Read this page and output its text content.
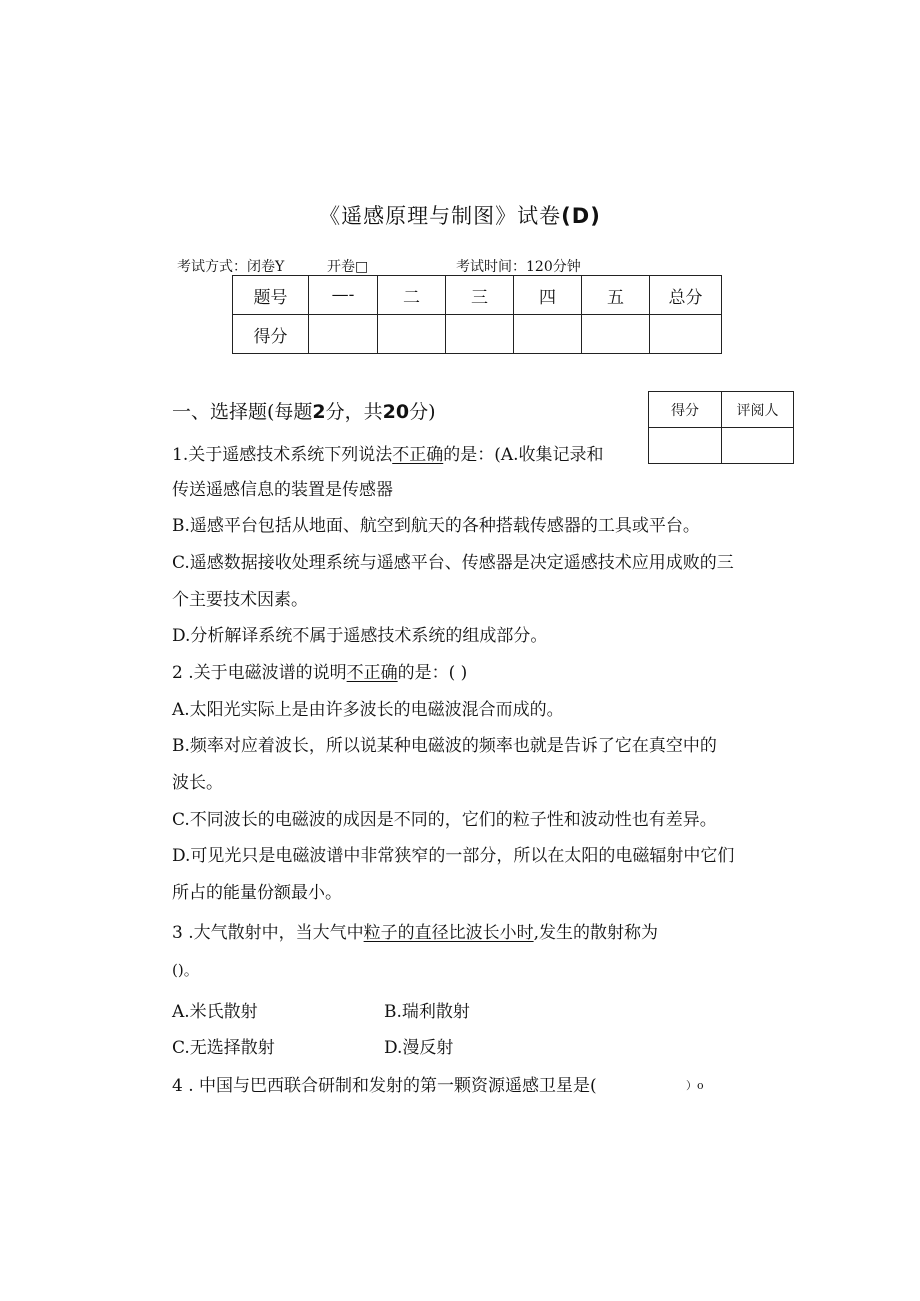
《遥感原理与制图》试卷(D)
考试方式：闭卷Y	开卷□	考试时间：120分钟
题号	—-	二	三	四	五	总分
得分						
得分	评阅人

一、选择题(每题2分，共20分)
1.关于遥感技术系统下列说法不正确的是：(A.收集记录和
传送遥感信息的装置是传感器
B.遥感平台包括从地面、航空到航天的各种搭载传感器的工具或平台。
C.遥感数据接收处理系统与遥感平台、传感器是决定遥感技术应用成败的三
个主要技术因素。
D.分析解译系统不属于遥感技术系统的组成部分。
2 .关于电磁波谱的说明不正确的是：( )
A.太阳光实际上是由许多波长的电磁波混合而成的。
B.频率对应着波长，所以说某种电磁波的频率也就是告诉了它在真空中的
波长。
C.不同波长的电磁波的成因是不同的，它们的粒子性和波动性也有差异。
D.可见光只是电磁波谱中非常狭窄的一部分，所以在太阳的电磁辐射中它们
所占的能量份额最小。
3 .大气散射中，当大气中粒子的直径比波长小时,发生的散射称为
()。
A.米氏散射	B.瑞利散射
C.无选择散射	D.漫反射
4 . 中国与巴西联合研制和发射的第一颗资源遥感卫星是(	）o
